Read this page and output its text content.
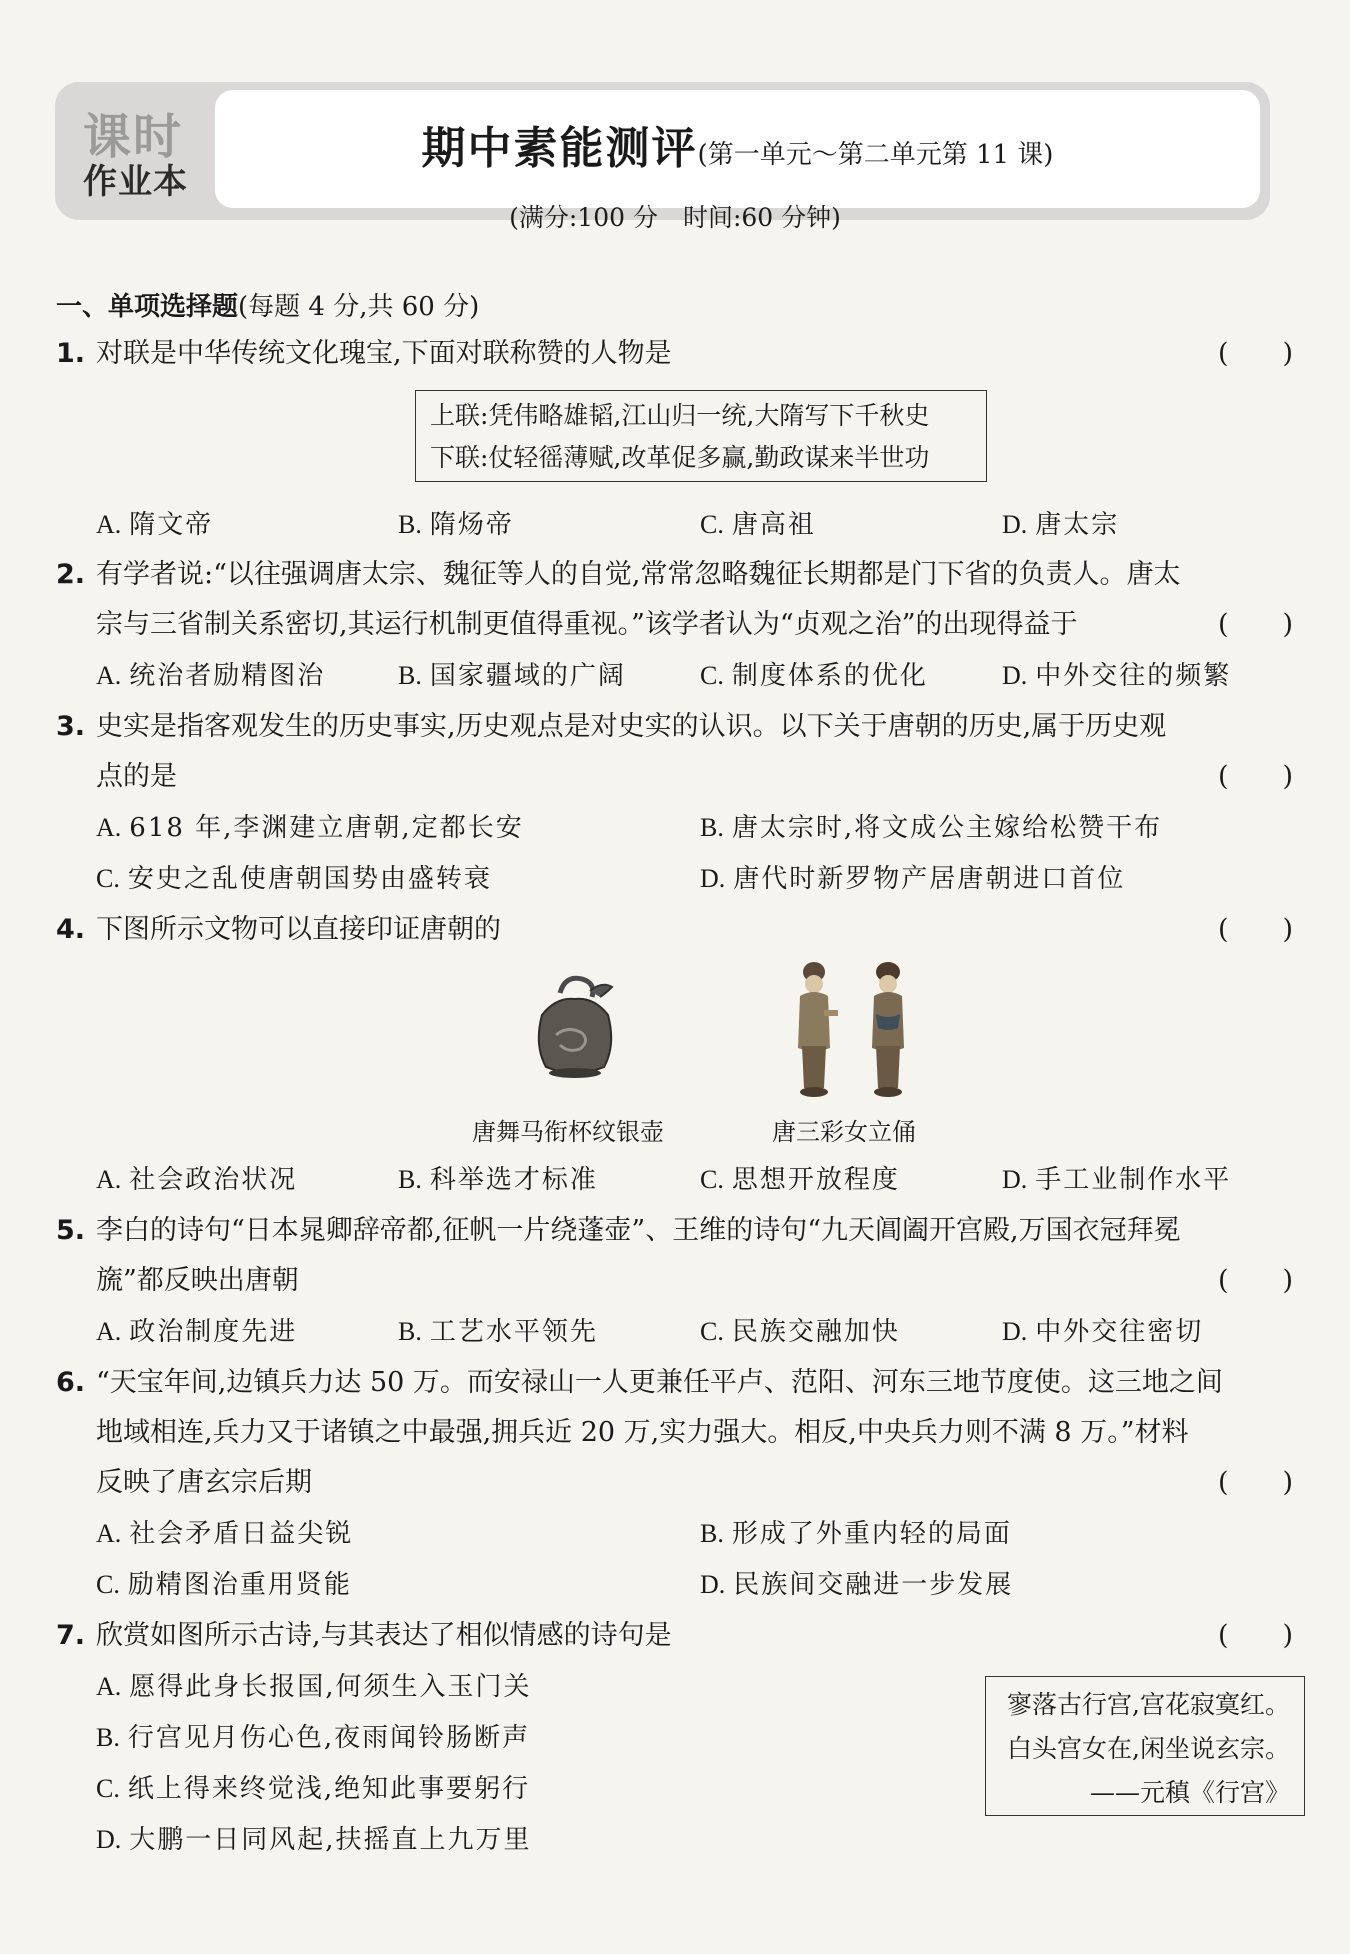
课时
作业本
期中素能测评(第一单元～第二单元第 11 课)
(满分:100 分　时间:60 分钟)
一、单项选择题(每题 4 分,共 60 分)
1. 对联是中华传统文化瑰宝,下面对联称赞的人物是	(　　)
上联:凭伟略雄韬,江山归一统,大隋写下千秋史
下联:仗轻徭薄赋,改革促多赢,勤政谋来半世功
A. 隋文帝	B. 隋炀帝	C. 唐高祖	D. 唐太宗
2. 有学者说:“以往强调唐太宗、魏征等人的自觉,常常忽略魏征长期都是门下省的负责人。唐太
宗与三省制关系密切,其运行机制更值得重视。”该学者认为“贞观之治”的出现得益于	(　　)
A. 统治者励精图治	B. 国家疆域的广阔	C. 制度体系的优化	D. 中外交往的频繁
3. 史实是指客观发生的历史事实,历史观点是对史实的认识。以下关于唐朝的历史,属于历史观
点的是	(　　)
A. 618 年,李渊建立唐朝,定都长安	B. 唐太宗时,将文成公主嫁给松赞干布
C. 安史之乱使唐朝国势由盛转衰	D. 唐代时新罗物产居唐朝进口首位
4. 下图所示文物可以直接印证唐朝的	(　　)
唐舞马衔杯纹银壶	唐三彩女立俑
A. 社会政治状况	B. 科举选才标准	C. 思想开放程度	D. 手工业制作水平
5. 李白的诗句“日本晁卿辞帝都,征帆一片绕蓬壶”、王维的诗句“九天阊阖开宫殿,万国衣冠拜冕
旒”都反映出唐朝	(　　)
A. 政治制度先进	B. 工艺水平领先	C. 民族交融加快	D. 中外交往密切
6. “天宝年间,边镇兵力达 50 万。而安禄山一人更兼任平卢、范阳、河东三地节度使。这三地之间
地域相连,兵力又于诸镇之中最强,拥兵近 20 万,实力强大。相反,中央兵力则不满 8 万。”材料
反映了唐玄宗后期	(　　)
A. 社会矛盾日益尖锐	B. 形成了外重内轻的局面
C. 励精图治重用贤能	D. 民族间交融进一步发展
7. 欣赏如图所示古诗,与其表达了相似情感的诗句是	(　　)
A. 愿得此身长报国,何须生入玉门关
B. 行宫见月伤心色,夜雨闻铃肠断声
C. 纸上得来终觉浅,绝知此事要躬行
D. 大鹏一日同风起,扶摇直上九万里
寥落古行宫,宫花寂寞红。
白头宫女在,闲坐说玄宗。
——元稹《行宫》
